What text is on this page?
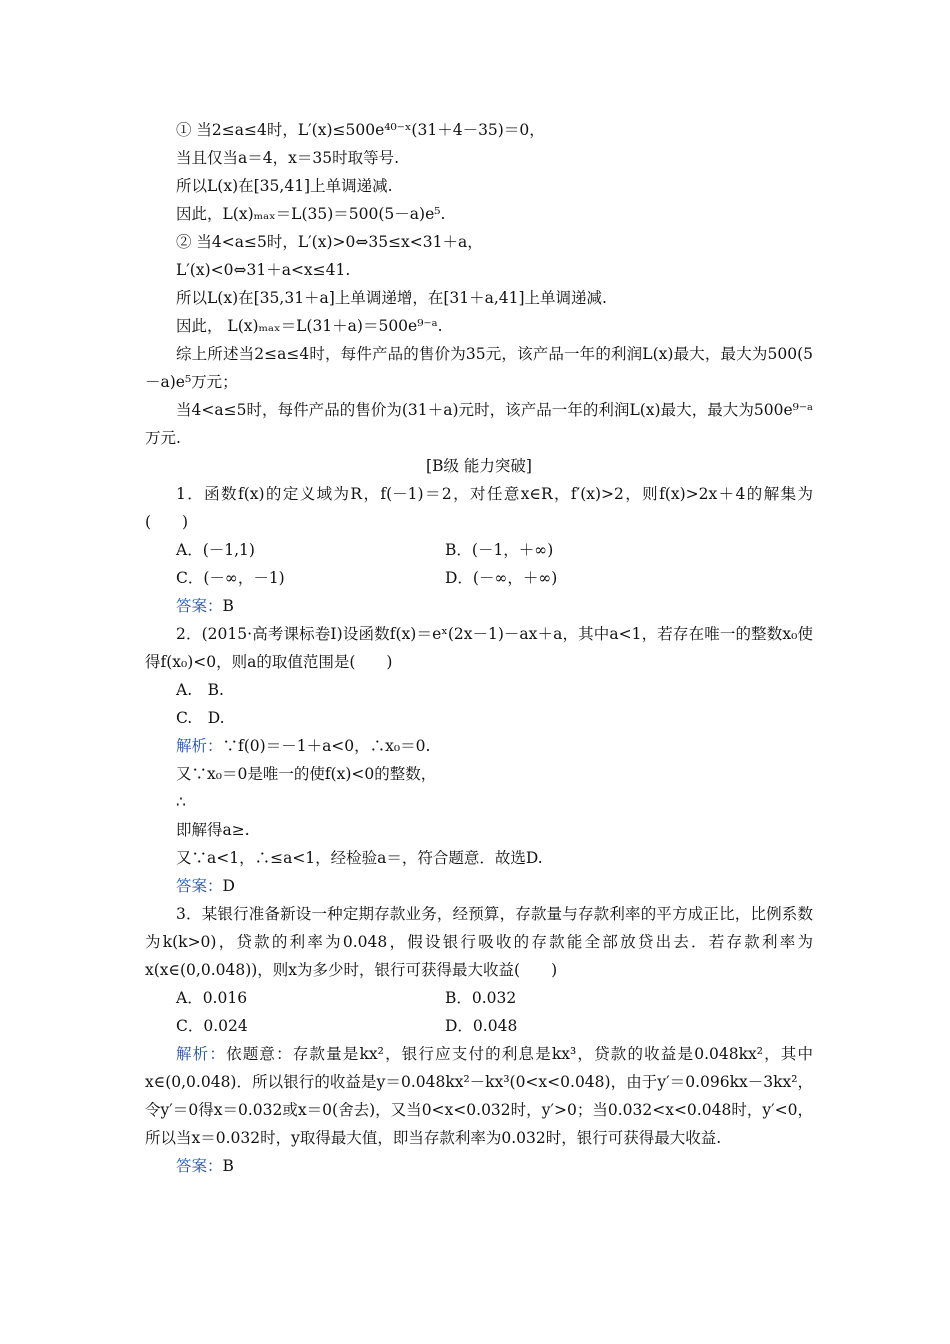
① 当2≤a≤4时，L′(x)≤500e⁴⁰⁻ˣ(31＋4－35)＝0，

当且仅当a＝4，x＝35时取等号.

所以L(x)在[35,41]上单调递减.

因此，L(x)ₘₐₓ＝L(35)＝500(5－a)e⁵.

② 当4<a≤5时，L′(x)>0⇔35≤x<31＋a，

L′(x)<0⇔31＋a<x≤41.

所以L(x)在[35,31＋a]上单调递增，在[31＋a,41]上单调递减.

因此， L(x)ₘₐₓ＝L(31＋a)＝500e⁹⁻ᵃ.

综上所述当2≤a≤4时，每件产品的售价为35元，该产品一年的利润L(x)最大，最大为500(5－a)e⁵万元；

当4<a≤5时，每件产品的售价为(31＋a)元时，该产品一年的利润L(x)最大，最大为500e⁹⁻ᵃ万元.

[B级 能力突破]

1．函数f(x)的定义域为R，f(－1)＝2，对任意x∈R，f′(x)>2，则f(x)>2x＋4的解集为(　　)

A．(－1,1)	B．(－1，＋∞)
C．(－∞，－1)	D．(－∞，＋∞)

答案：B

2．(2015·高考课标卷Ⅰ)设函数f(x)＝eˣ(2x－1)－ax＋a，其中a<1，若存在唯一的整数x₀使得f(x₀)<0，则a的取值范围是(　　)

A.　B.

C.　D.

解析：∵f(0)＝－1＋a<0，∴x₀＝0.

又∵x₀＝0是唯一的使f(x)<0的整数，

∴

即解得a≥.

又∵a<1，∴≤a<1，经检验a＝，符合题意．故选D.

答案：D

3．某银行准备新设一种定期存款业务，经预算，存款量与存款利率的平方成正比，比例系数为k(k>0)，贷款的利率为0.048，假设银行吸收的存款能全部放贷出去．若存款利率为x(x∈(0,0.048))，则x为多少时，银行可获得最大收益(　　)

A．0.016	B．0.032
C．0.024	D．0.048

解析：依题意：存款量是kx²，银行应支付的利息是kx³，贷款的收益是0.048kx²，其中x∈(0,0.048)．所以银行的收益是y＝0.048kx²－kx³(0<x<0.048)，由于y′＝0.096kx－3kx²，令y′＝0得x＝0.032或x＝0(舍去)，又当0<x<0.032时，y′>0；当0.032<x<0.048时，y′<0，所以当x＝0.032时，y取得最大值，即当存款利率为0.032时，银行可获得最大收益.

答案：B
